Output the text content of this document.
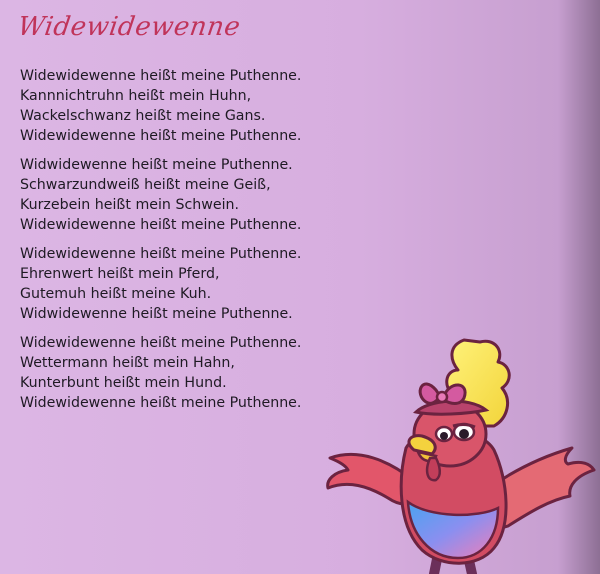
Widewidewenne
Widewidewenne heißt meine Puthenne.
Kannnichtruhn heißt mein Huhn,
Wackelschwanz heißt meine Gans.
Widewidewenne heißt meine Puthenne.
Widwidewenne heißt meine Puthenne.
Schwarzundweiß heißt meine Geiß,
Kurzebein heißt mein Schwein.
Widewidewenne heißt meine Puthenne.
Widewidewenne heißt meine Puthenne.
Ehrenwert heißt mein Pferd,
Gutemuh heißt meine Kuh.
Widwidewenne heißt meine Puthenne.
Widewidewenne heißt meine Puthenne.
Wettermann heißt mein Hahn,
Kunterbunt heißt mein Hund.
Widewidewenne heißt meine Puthenne.
